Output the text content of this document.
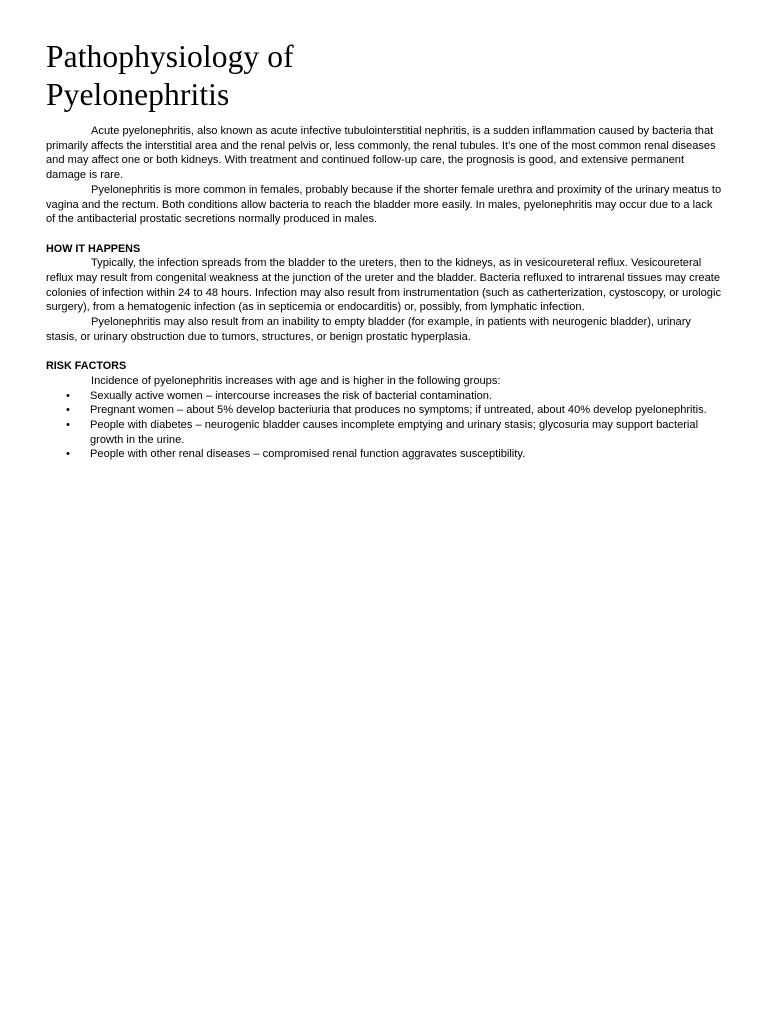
Pathophysiology of
Pyelonephritis

Acute pyelonephritis, also known as acute infective tubulointerstitial nephritis, is a sudden inflammation caused by bacteria that primarily affects the interstitial area and the renal pelvis or, less commonly, the renal tubules. It’s one of the most common renal diseases and may affect one or both kidneys. With treatment and continued follow-up care, the prognosis is good, and extensive permanent damage is rare.

Pyelonephritis is more common in females, probably because if the shorter female urethra and proximity of the urinary meatus to vagina and the rectum. Both conditions allow bacteria to reach the bladder more easily. In males, pyelonephritis may occur due to a lack of the antibacterial prostatic secretions normally produced in males.

HOW IT HAPPENS

Typically, the infection spreads from the bladder to the ureters, then to the kidneys, as in vesicoureteral reflux. Vesicoureteral reflux may result from congenital weakness at the junction of the ureter and the bladder. Bacteria refluxed to intrarenal tissues may create colonies of infection within 24 to 48 hours. Infection may also result from instrumentation (such as catherterization, cystoscopy, or urologic surgery), from a hematogenic infection (as in septicemia or endocarditis) or, possibly, from lymphatic infection.

Pyelonephritis may also result from an inability to empty bladder (for example, in patients with neurogenic bladder), urinary stasis, or urinary obstruction due to tumors, structures, or benign prostatic hyperplasia.

RISK FACTORS

Incidence of pyelonephritis increases with age and is higher in the following groups:

• Sexually active women – intercourse increases the risk of bacterial contamination.
• Pregnant women – about 5% develop bacteriuria that produces no symptoms; if untreated, about 40% develop pyelonephritis.
• People with diabetes – neurogenic bladder causes incomplete emptying and urinary stasis; glycosuria may support bacterial growth in the urine.
• People with other renal diseases – compromised renal function aggravates susceptibility.
